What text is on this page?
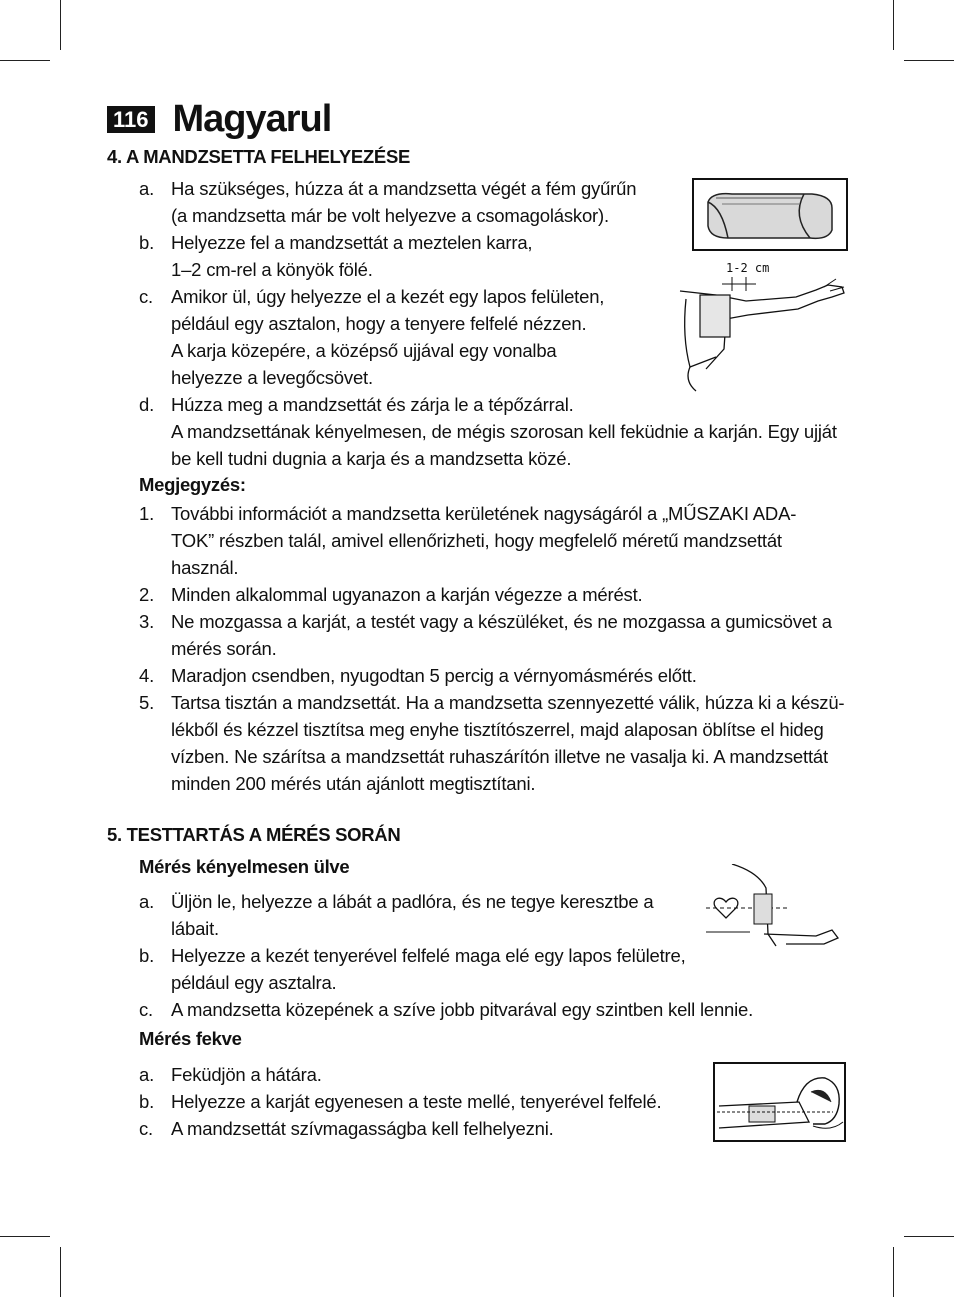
116 Magyarul
4. A MANDZSETTA FELHELYEZÉSE
a. Ha szükséges, húzza át a mandzsetta végét a fém gyűrűn
(a mandzsetta már be volt helyezve a csomagoláskor).
b. Helyezze fel a mandzsettát a meztelen karra,
1–2 cm-rel a könyök fölé.
c. Amikor ül, úgy helyezze el a kezét egy lapos felületen,
például egy asztalon, hogy a tenyere felfelé nézzen.
A karja közepére, a középső ujjával egy vonalba
helyezze a levegőcsövet.
d. Húzza meg a mandzsettát és zárja le a tépőzárral.
A mandzsettának kényelmesen, de mégis szorosan kell feküdnie a karján. Egy ujját
be kell tudni dugnia a karja és a mandzsetta közé.
Megjegyzés:
1. További információt a mandzsetta kerületének nagyságáról a „MŰSZAKI ADA-
TOK” részben talál, amivel ellenőrizheti, hogy megfelelő méretű mandzsettát
használ.
2. Minden alkalommal ugyanazon a karján végezze a mérést.
3. Ne mozgassa a karját, a testét vagy a készüléket, és ne mozgassa a gumicsövet a
mérés során.
4. Maradjon csendben, nyugodtan 5 percig a vérnyomásmérés előtt.
5. Tartsa tisztán a mandzsettát. Ha a mandzsetta szennyezetté válik, húzza ki a készü-
lékből és kézzel tisztítsa meg enyhe tisztítószerrel, majd alaposan öblítse el hideg
vízben. Ne szárítsa a mandzsettát ruhaszárítón illetve ne vasalja ki. A mandzsettát
minden 200 mérés után ajánlott megtisztítani.
5. TESTTARTÁS A MÉRÉS SORÁN
Mérés kényelmesen ülve
a. Üljön le, helyezze a lábát a padlóra, és ne tegye keresztbe a
lábait.
b. Helyezze a kezét tenyerével felfelé maga elé egy lapos felületre,
például egy asztalra.
c. A mandzsetta közepének a szíve jobb pitvarával egy szintben kell lennie.
Mérés fekve
a. Feküdjön a hátára.
b. Helyezze a karját egyenesen a teste mellé, tenyerével felfelé.
c. A mandzsettát szívmagasságba kell felhelyezni.
1-2 cm
